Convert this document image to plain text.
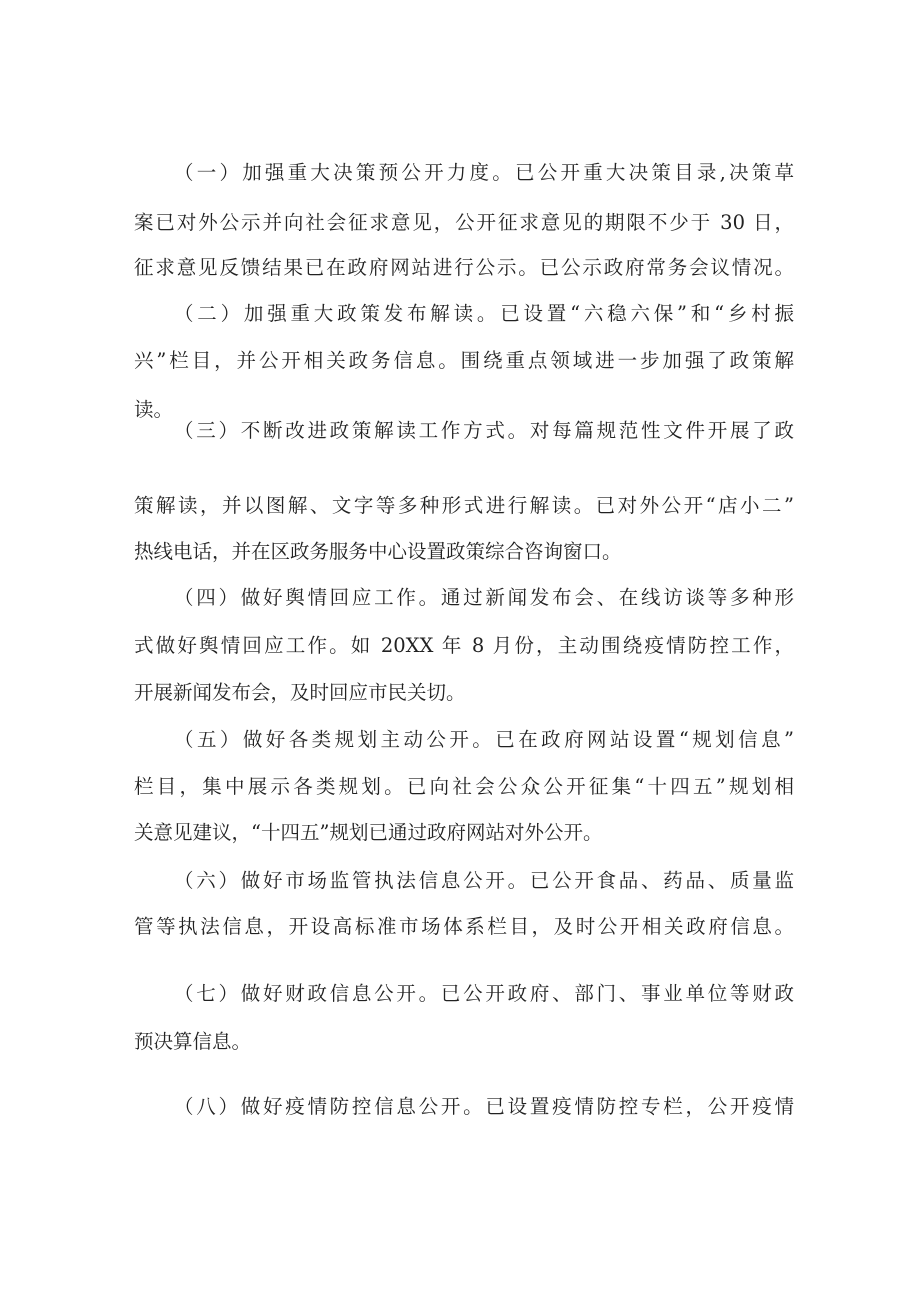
（一）加强重大决策预公开力度。已公开重大决策目录,决策草
案已对外公示并向社会征求意见，公开征求意见的期限不少于 30 日，
征求意见反馈结果已在政府网站进行公示。已公示政府常务会议情况。
（二）加强重大政策发布解读。已设置“六稳六保”和“乡村振
兴”栏目，并公开相关政务信息。围绕重点领域进一步加强了政策解
读。
（三）不断改进政策解读工作方式。对每篇规范性文件开展了政
策解读，并以图解、文字等多种形式进行解读。已对外公开“店小二”
热线电话，并在区政务服务中心设置政策综合咨询窗口。
（四）做好舆情回应工作。通过新闻发布会、在线访谈等多种形
式做好舆情回应工作。如 20XX 年 8 月份，主动围绕疫情防控工作，
开展新闻发布会，及时回应市民关切。
（五）做好各类规划主动公开。已在政府网站设置“规划信息”
栏目，集中展示各类规划。已向社会公众公开征集“十四五”规划相
关意见建议，“十四五”规划已通过政府网站对外公开。
（六）做好市场监管执法信息公开。已公开食品、药品、质量监
管等执法信息，开设高标准市场体系栏目，及时公开相关政府信息。
（七）做好财政信息公开。已公开政府、部门、事业单位等财政
预决算信息。
（八）做好疫情防控信息公开。已设置疫情防控专栏，公开疫情
